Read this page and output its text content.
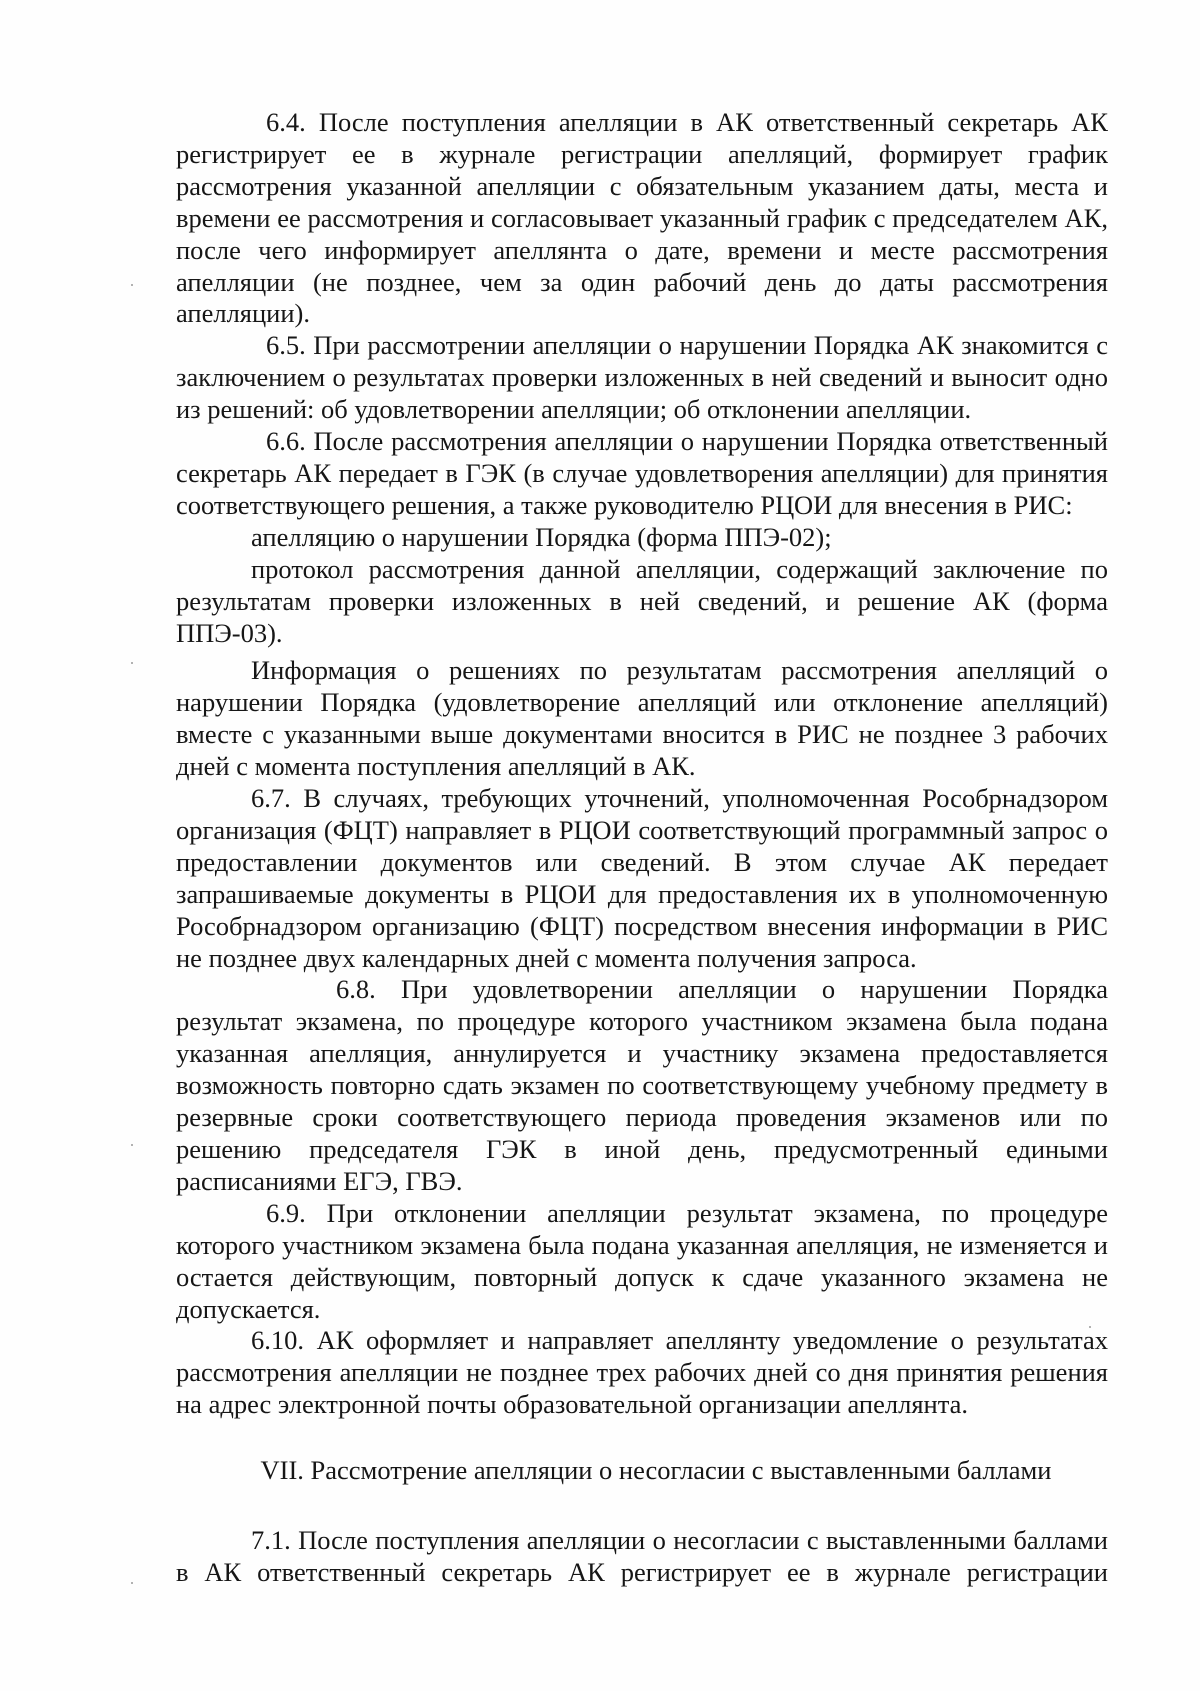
6.4. После поступления апелляции в АК ответственный секретарь АК регистрирует ее в журнале регистрации апелляций, формирует график рассмотрения указанной апелляции с обязательным указанием даты, места и времени ее рассмотрения и согласовывает указанный график с председателем АК, после чего информирует апеллянта о дате, времени и месте рассмотрения апелляции (не позднее, чем за один рабочий день до даты рассмотрения апелляции).

6.5. При рассмотрении апелляции о нарушении Порядка АК знакомится с заключением о результатах проверки изложенных в ней сведений и выносит одно из решений: об удовлетворении апелляции; об отклонении апелляции.

6.6. После рассмотрения апелляции о нарушении Порядка ответственный секретарь АК передает в ГЭК (в случае удовлетворения апелляции) для принятия соответствующего решения, а также руководителю РЦОИ для внесения в РИС:

апелляцию о нарушении Порядка (форма ППЭ-02);

протокол рассмотрения данной апелляции, содержащий заключение по результатам проверки изложенных в ней сведений, и решение АК (форма ППЭ-03).

Информация о решениях по результатам рассмотрения апелляций о нарушении Порядка (удовлетворение апелляций или отклонение апелляций) вместе с указанными выше документами вносится в РИС не позднее 3 рабочих дней с момента поступления апелляций в АК.

6.7. В случаях, требующих уточнений, уполномоченная Рособрнадзором организация (ФЦТ) направляет в РЦОИ соответствующий программный запрос о предоставлении документов или сведений. В этом случае АК передает запрашиваемые документы в РЦОИ для предоставления их в уполномоченную Рособрнадзором организацию (ФЦТ) посредством внесения информации в РИС не позднее двух календарных дней с момента получения запроса.

6.8. При удовлетворении апелляции о нарушении Порядка результат экзамена, по процедуре которого участником экзамена была подана указанная апелляция, аннулируется и участнику экзамена предоставляется возможность повторно сдать экзамен по соответствующему учебному предмету в резервные сроки соответствующего периода проведения экзаменов или по решению председателя ГЭК в иной день, предусмотренный едиными расписаниями ЕГЭ, ГВЭ.

6.9. При отклонении апелляции результат экзамена, по процедуре которого участником экзамена была подана указанная апелляция, не изменяется и остается действующим, повторный допуск к сдаче указанного экзамена не допускается.

6.10. АК оформляет и направляет апеллянту уведомление о результатах рассмотрения апелляции не позднее трех рабочих дней со дня принятия решения на адрес электронной почты образовательной организации апеллянта.

VII. Рассмотрение апелляции о несогласии с выставленными баллами

7.1. После поступления апелляции о несогласии с выставленными баллами в АК ответственный секретарь АК регистрирует ее в журнале регистрации
